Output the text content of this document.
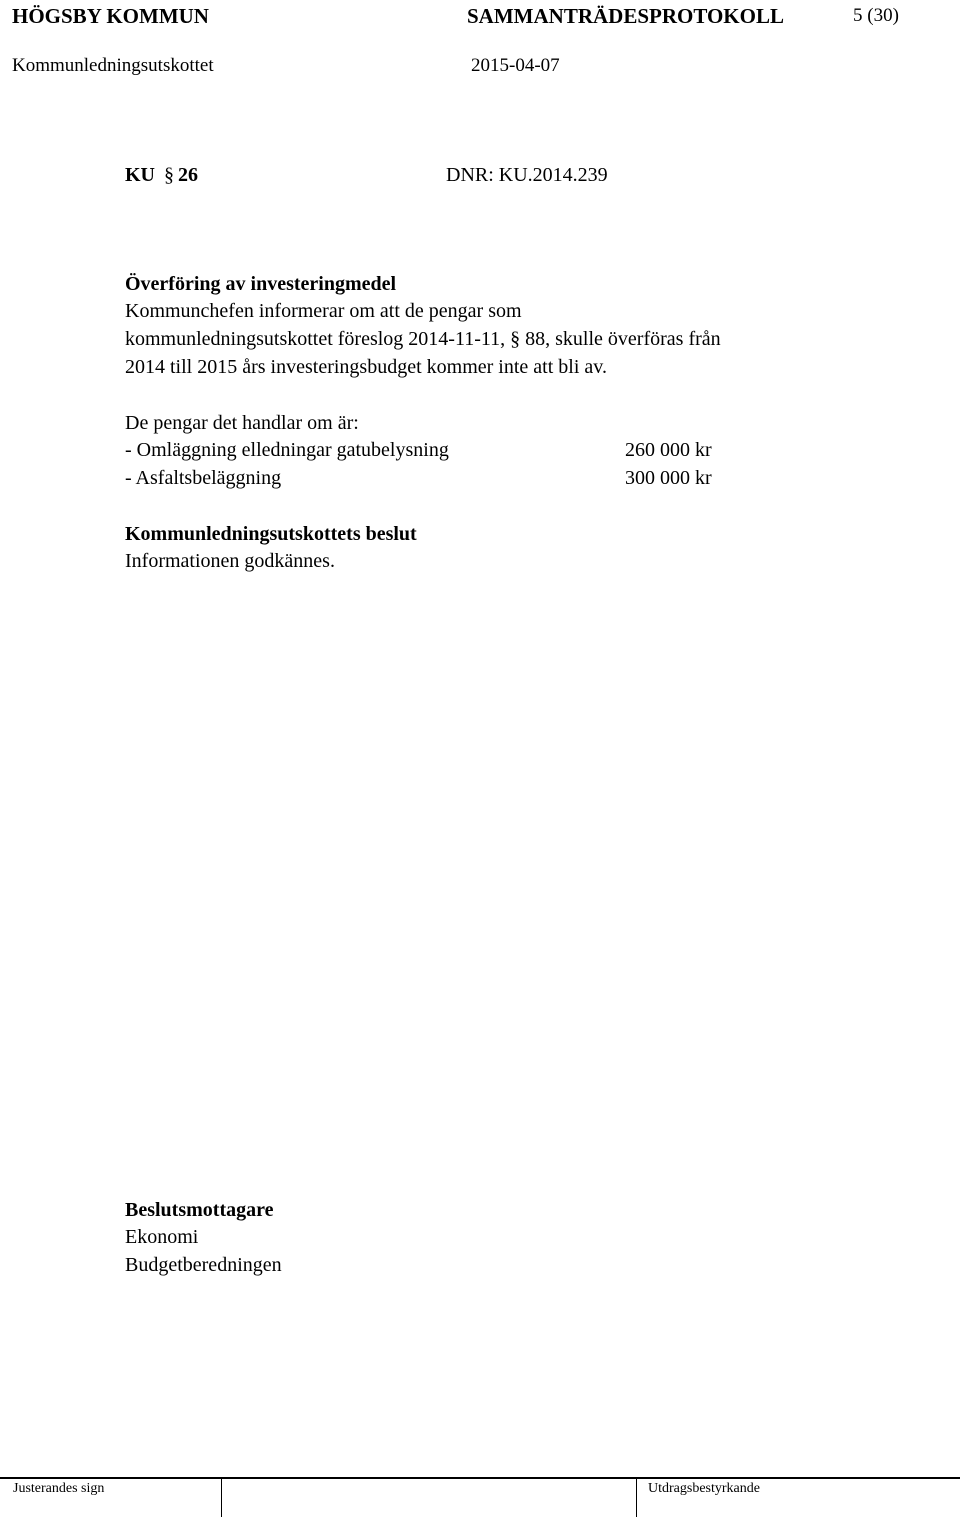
HÖGSBY KOMMUN	SAMMANTRÄDESPROTOKOLL	5 (30)
Kommunledningsutskottet	2015-04-07
KU § 26	DNR: KU.2014.239
Överföring av investeringmedel
Kommunchefen informerar om att de pengar som
kommunledningsutskottet föreslog 2014-11-11, § 88, skulle överföras från
2014 till 2015 års investeringsbudget kommer inte att bli av.
De pengar det handlar om är:
- Omläggning elledningar gatubelysning	260 000 kr
- Asfaltsbeläggning	300 000 kr
Kommunledningsutskottets beslut
Informationen godkännes.
Beslutsmottagare
Ekonomi
Budgetberedningen
Justerandes sign	Utdragsbestyrkande
